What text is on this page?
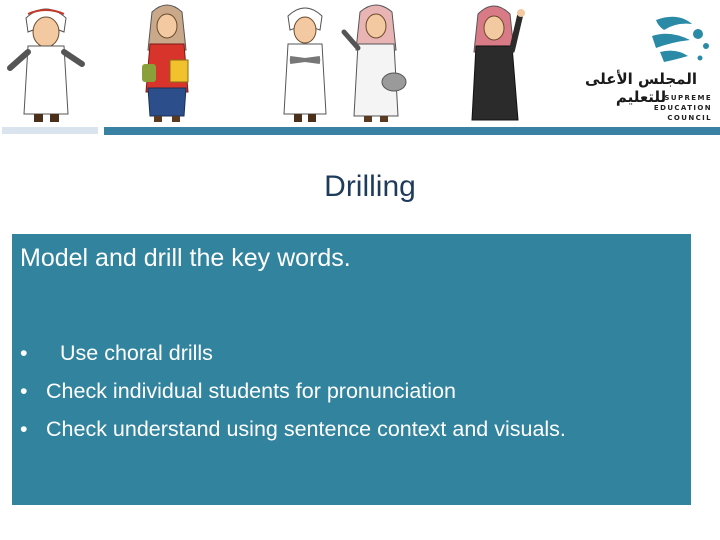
المجلس الأعلى للتعليم
SUPREME
EDUCATION
COUNCIL
Drilling
Model and drill the key words.
• Use choral drills
• Check individual students for pronunciation
• Check understand using sentence context and visuals.
